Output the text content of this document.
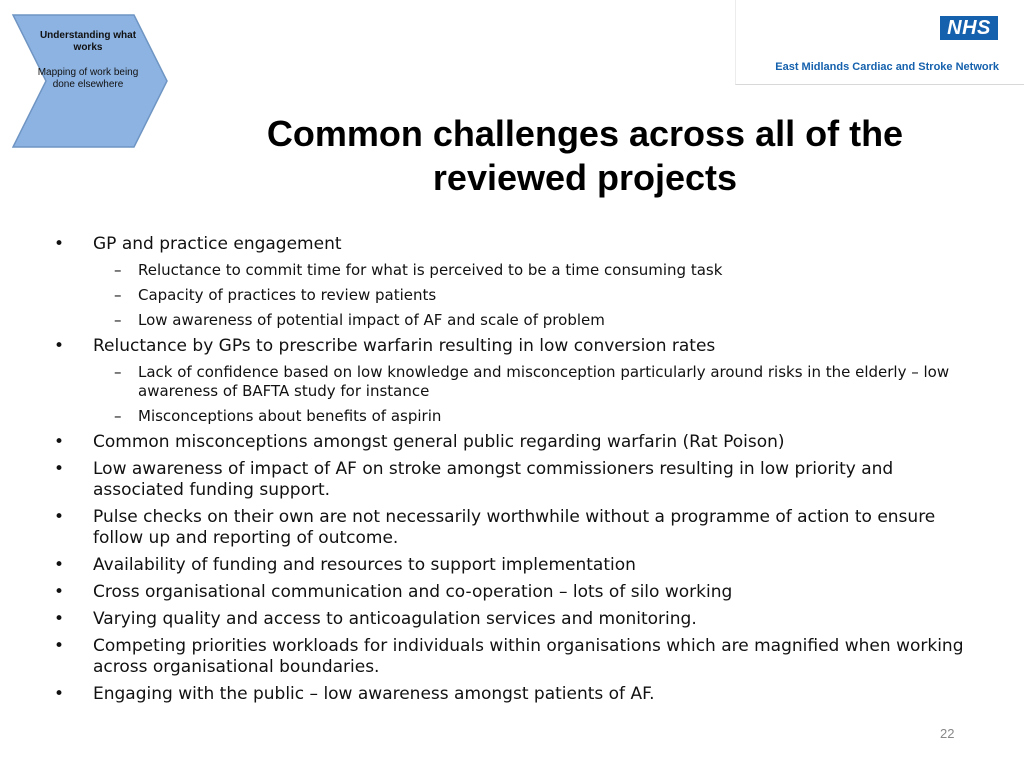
Understanding what works
Mapping of work being done elsewhere
NHS
East Midlands Cardiac and Stroke Network
Common challenges across all of the reviewed projects
• GP and practice engagement
– Reluctance to commit time for what is perceived to be a time consuming task
– Capacity of practices to review patients
– Low awareness of potential impact of AF and scale of problem
• Reluctance by GPs to prescribe warfarin resulting in low conversion rates
– Lack of confidence based on low knowledge and misconception particularly around risks in the elderly – low awareness of BAFTA study for instance
– Misconceptions about benefits of aspirin
• Common misconceptions amongst general public regarding warfarin (Rat Poison)
• Low awareness of impact of AF on stroke amongst commissioners resulting in low priority and associated funding support.
• Pulse checks on their own are not necessarily worthwhile without a programme of action to ensure follow up and reporting of outcome.
• Availability of funding and resources to support implementation
• Cross organisational communication and co-operation – lots of silo working
• Varying quality and access to anticoagulation services and monitoring.
• Competing priorities workloads for individuals within organisations which are magnified when working across organisational boundaries.
• Engaging with the public – low awareness amongst patients of AF.
22
